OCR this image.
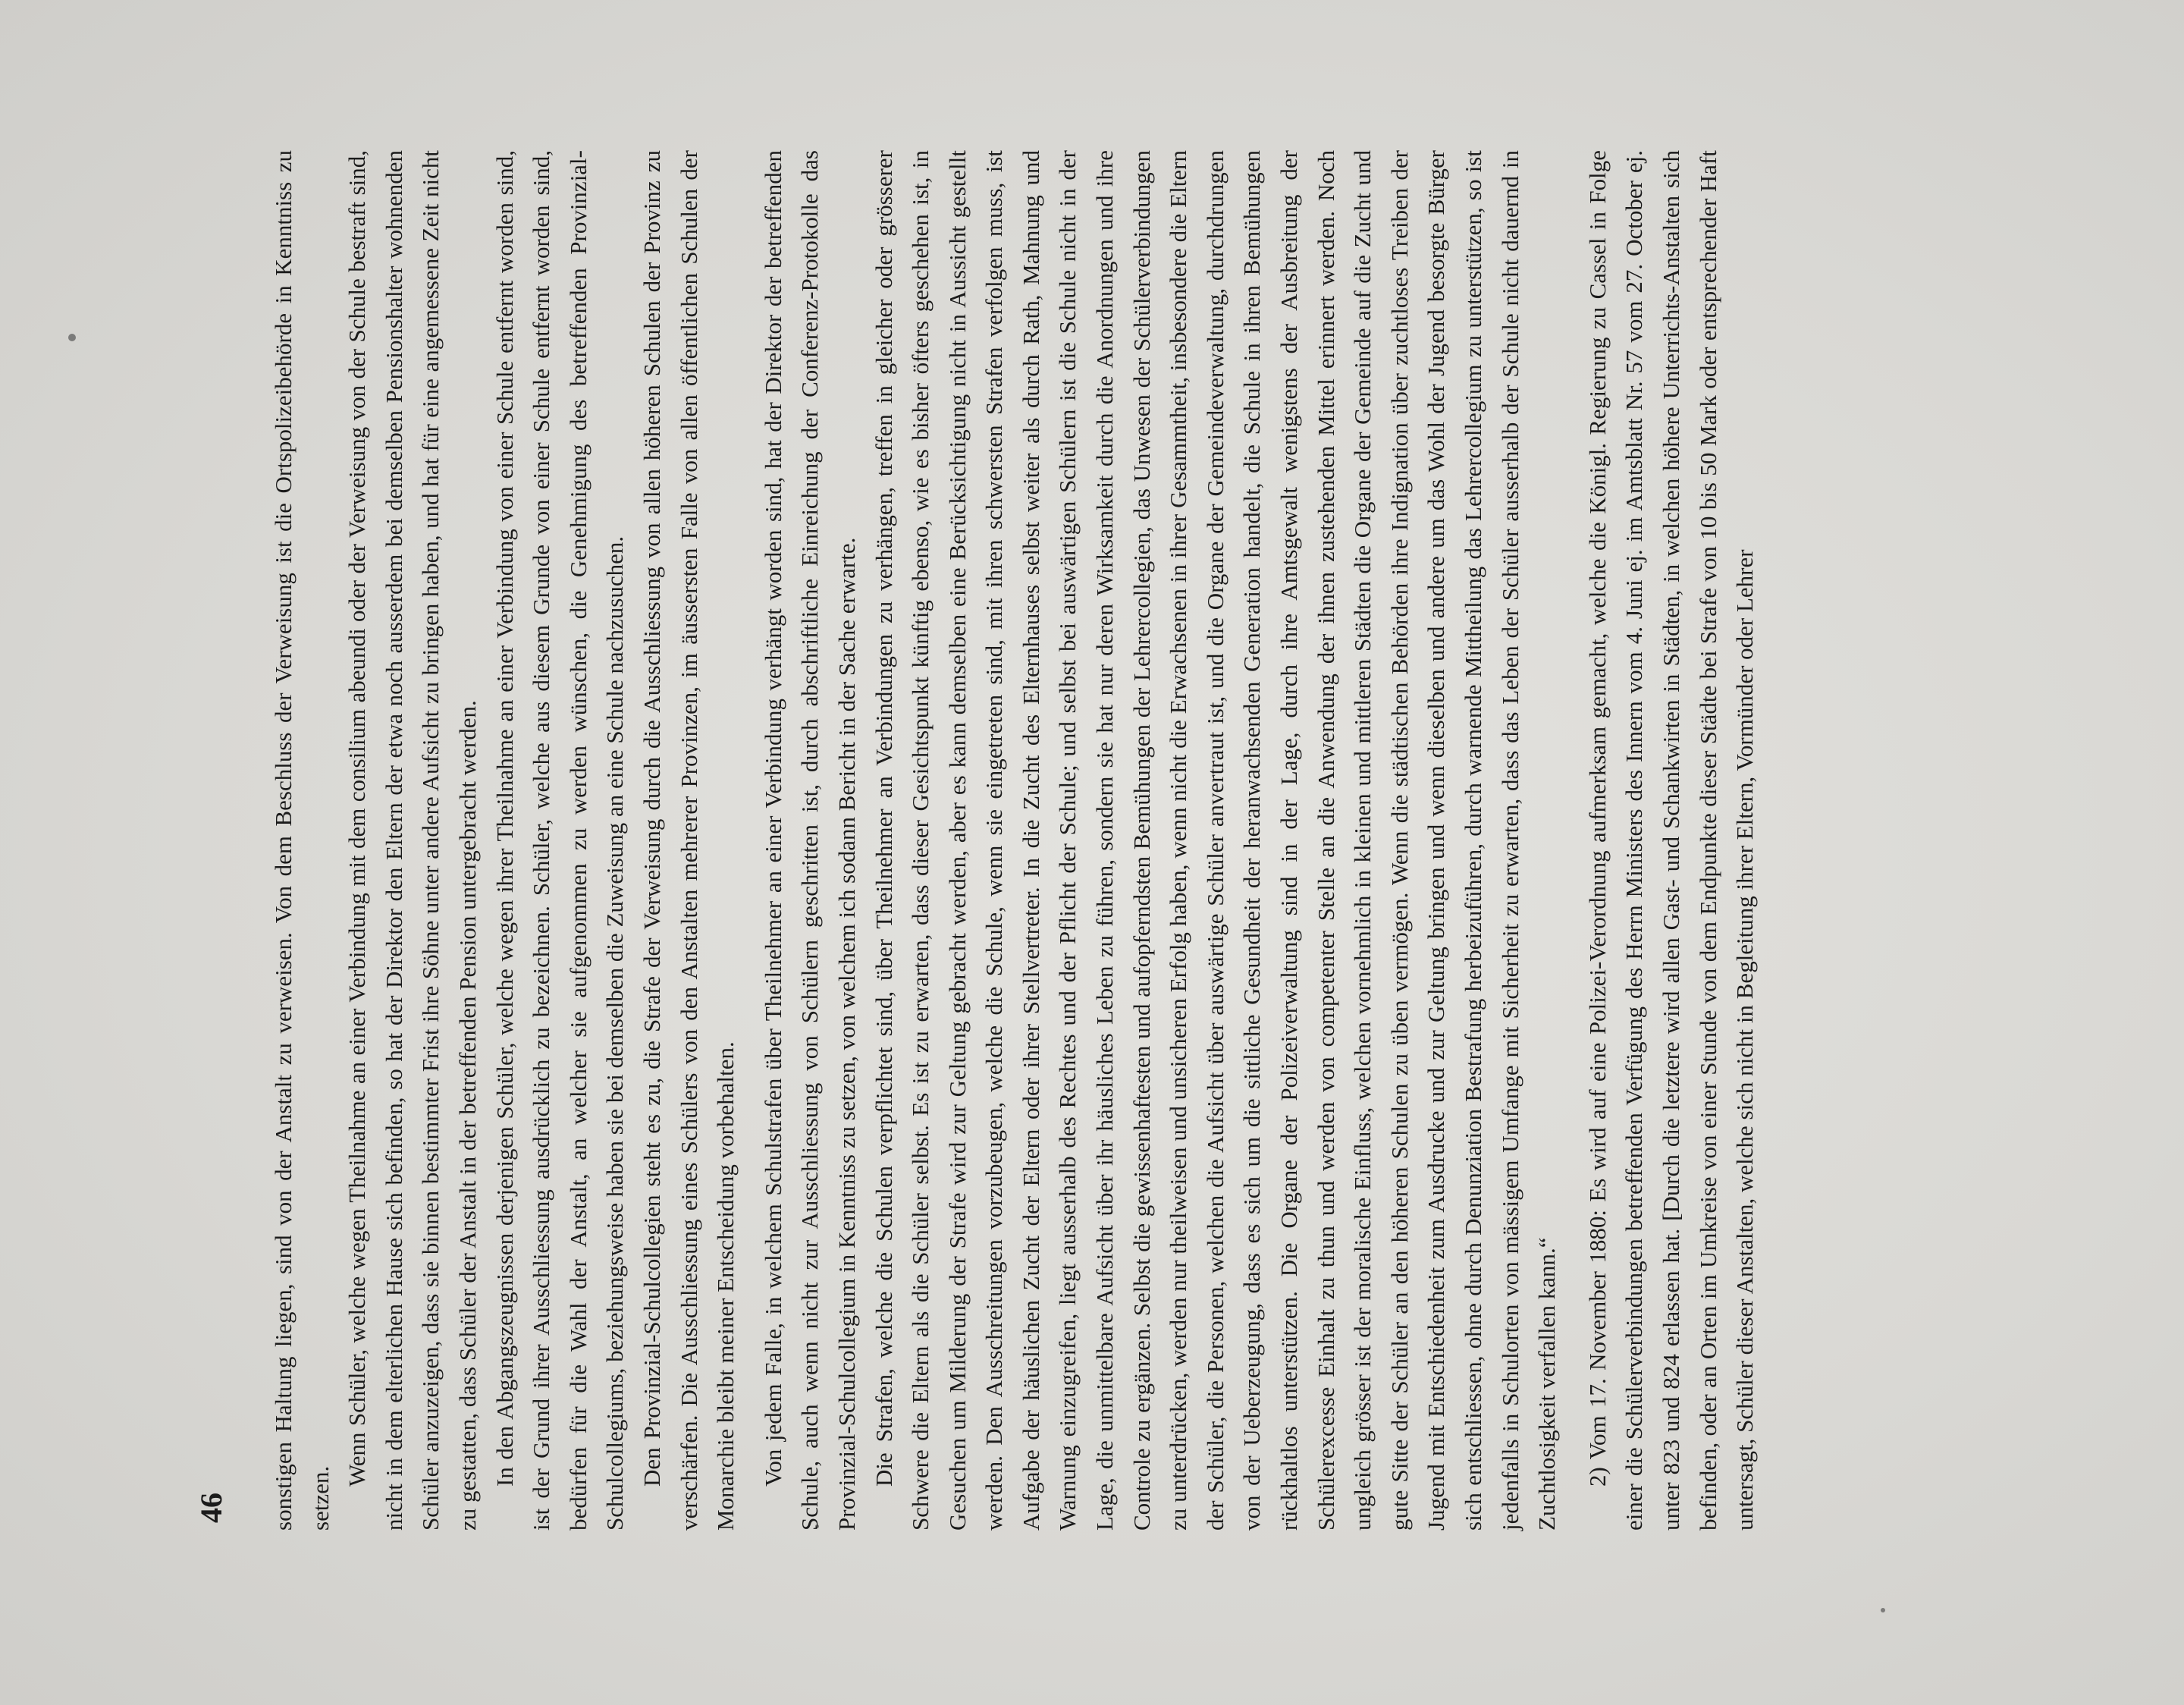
46 sonstigen Haltung liegen, sind von der Anstalt zu verweisen. Von dem Beschluss der Verweisung ist die Ortspolizeibehörde in Kenntniss zu setzen.

Wenn Schüler, welche wegen Theilnahme an einer Verbindung mit dem consilium abeundi oder der Verweisung von der Schule bestraft sind, nicht in dem elterlichen Hause sich befinden, so hat der Direktor den Eltern der etwa noch ausserdem bei demselben Pensionshalter wohnenden Schüler anzuzeigen, dass sie binnen bestimmter Frist ihre Söhne unter andere Aufsicht zu bringen haben, und hat für eine angemessene Zeit nicht zu gestatten, dass Schüler der Anstalt in der betreffenden Pension untergebracht werden. In den Abgangszeugnissen derjenigen Schüler, welche wegen ihrer Theilnahme an einer Verbindung von einer Schule entfernt worden sind, ist der Grund ihrer Ausschliessung ausdrücklich zu bezeichnen. Schüler, welche aus diesem Grunde von einer Schule entfernt worden sind, bedürfen für die Wahl der Anstalt, an welcher sie aufgenommen zu werden wünschen, die Genehmigung des betreffenden Provinzial-Schulcollegiums, beziehungsweise haben sie bei demselben die Zuweisung an eine Schule nachzusuchen. Den Provinzial-Schulcollegien steht es zu, die Strafe der Verweisung durch die Ausschliessung von allen höheren Schulen der Provinz zu verschärfen. Die Ausschliessung eines Schülers von den Anstalten mehrerer Provinzen, im äussersten Falle von allen öffentlichen Schulen der Monarchie bleibt meiner Entscheidung vorbehalten. Von jedem Falle, in welchem Schulstrafen über Theilnehmer an einer Verbindung verhängt worden sind, hat der Direktor der betreffenden Schule, auch wenn nicht zur Ausschliessung von Schülern geschritten ist, durch abschriftliche Einreichung der Conferenz-Protokolle das Provinzial-Schulcollegium in Kenntniss zu setzen, von welchem ich sodann Bericht in der Sache erwarte. Die Strafen, welche die Schulen verpflichtet sind, über Theilnehmer an Verbindungen zu verhängen, treffen in gleicher oder grösserer Schwere die Eltern als die Schüler selbst. Es ist zu erwarten, dass dieser Gesichtspunkt künftig ebenso, wie es bisher öfters geschehen ist, in Gesuchen um Milderung der Strafe wird zur Geltung gebracht werden, aber es kann demselben eine Berücksichtigung nicht in Aussicht gestellt werden. Den Ausschreitungen vorzubeugen, welche die Schule, wenn sie eingetreten sind, mit ihren schwersten Strafen verfolgen muss, ist Aufgabe der häuslichen Zucht der Eltern oder ihrer Stellvertreter. In die Zucht des Elternhauses selbst weiter als durch Rath, Mahnung und Warnung einzugreifen, liegt ausserhalb des Rechtes und der Pflicht der Schule; und selbst bei auswärtigen Schülern ist die Schule nicht in der Lage, die unmittelbare Aufsicht über ihr häusliches Leben zu führen, sondern sie hat nur deren Wirksamkeit durch die Anordnungen und ihre Controle zu ergänzen. Selbst die gewissenhaftesten und aufopferndsten Bemühungen der Lehrercollegien, das Unwesen der Schülerverbindungen zu unterdrücken, werden nur theilweisen und unsicheren Erfolg haben, wenn nicht die Erwachsenen in ihrer Gesammtheit, insbesondere die Eltern der Schüler, die Personen, welchen die Aufsicht über auswärtige Schüler anvertraut ist, und die Organe der Gemeindeverwaltung, durchdrungen von der Ueberzeugung, dass es sich um die sittliche Gesundheit der heranwachsenden Generation handelt, die Schule in ihren Bemühungen rückhaltlos unterstützen. Die Organe der Polizeiverwaltung sind in der Lage, durch ihre Amtsgewalt wenigstens der Ausbreitung der Schülerexcesse Einhalt zu thun und werden von competenter Stelle an die Anwendung der ihnen zustehenden Mittel erinnert werden. Noch ungleich grösser ist der moralische Einfluss, welchen vornehmlich in kleinen und mittleren Städten die Organe der Gemeinde auf die Zucht und gute Sitte der Schüler an den höheren Schulen zu üben vermögen. Wenn die städtischen Behörden ihre Indignation über zuchtloses Treiben der Jugend mit Entschiedenheit zum Ausdrucke und zur Geltung bringen und wenn dieselben und andere um das Wohl der Jugend besorgte Bürger sich entschliessen, ohne durch Denunziation Bestrafung herbeizuführen, durch warnende Mittheilung das Lehrercollegium zu unterstützen, so ist jedenfalls in Schulorten von mässigem Umfange mit Sicherheit zu erwarten, dass das Leben der Schüler ausserhalb der Schule nicht dauernd in Zuchtlosigkeit verfallen kann.“ 2) Vom 17. November 1880: Es wird auf eine Polizei-Verordnung aufmerksam gemacht, welche die Königl. Regierung zu Cassel in Folge einer die Schülerverbindungen betreffenden Verfügung des Herrn Ministers des Innern vom 4. Juni ej. im Amtsblatt Nr. 57 vom 27. October ej. unter 823 und 824 erlassen hat. [Durch die letztere wird allen Gast- und Schankwirten in Städten, in welchen höhere Unterrichts-Anstalten sich befinden, oder an Orten im Umkreise von einer Stunde von dem Endpunkte dieser Städte bei Strafe von 10 bis 50 Mark oder entsprechender Haft untersagt, Schüler dieser Anstalten, welche sich nicht in Begleitung ihrer Eltern, Vormünder oder Lehrer
